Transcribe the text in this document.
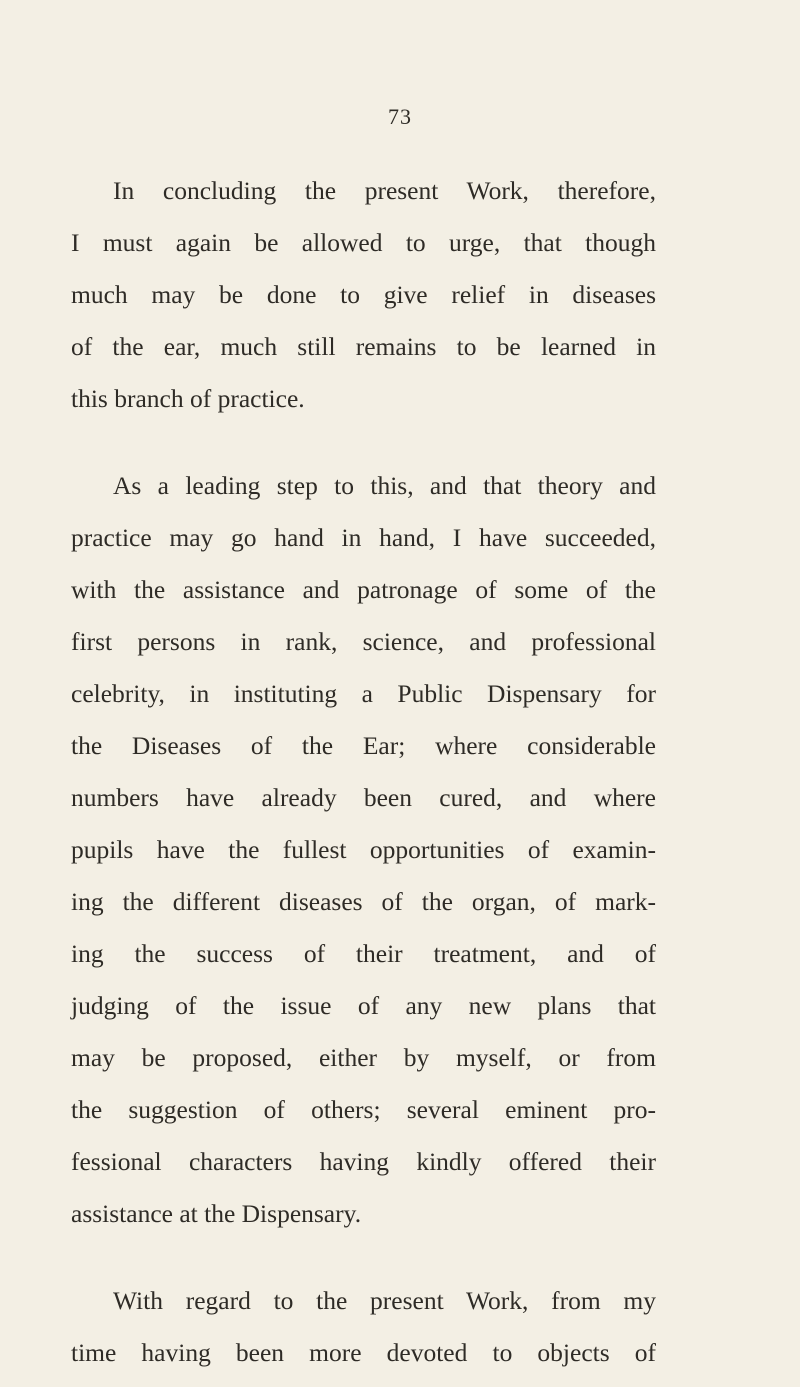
73
In concluding the present Work, therefore,
I must again be allowed to urge, that though
much may be done to give relief in diseases
of the ear, much still remains to be learned in
this branch of practice.
As a leading step to this, and that theory and
practice may go hand in hand, I have succeeded,
with the assistance and patronage of some of the
first persons in rank, science, and professional
celebrity, in instituting a Public Dispensary for
the Diseases of the Ear; where considerable
numbers have already been cured, and where
pupils have the fullest opportunities of examin-
ing the different diseases of the organ, of mark-
ing the success of their treatment, and of
judging of the issue of any new plans that
may be proposed, either by myself, or from
the suggestion of others; several eminent pro-
fessional characters having kindly offered their
assistance at the Dispensary.
With regard to the present Work, from my
time having been more devoted to objects of
